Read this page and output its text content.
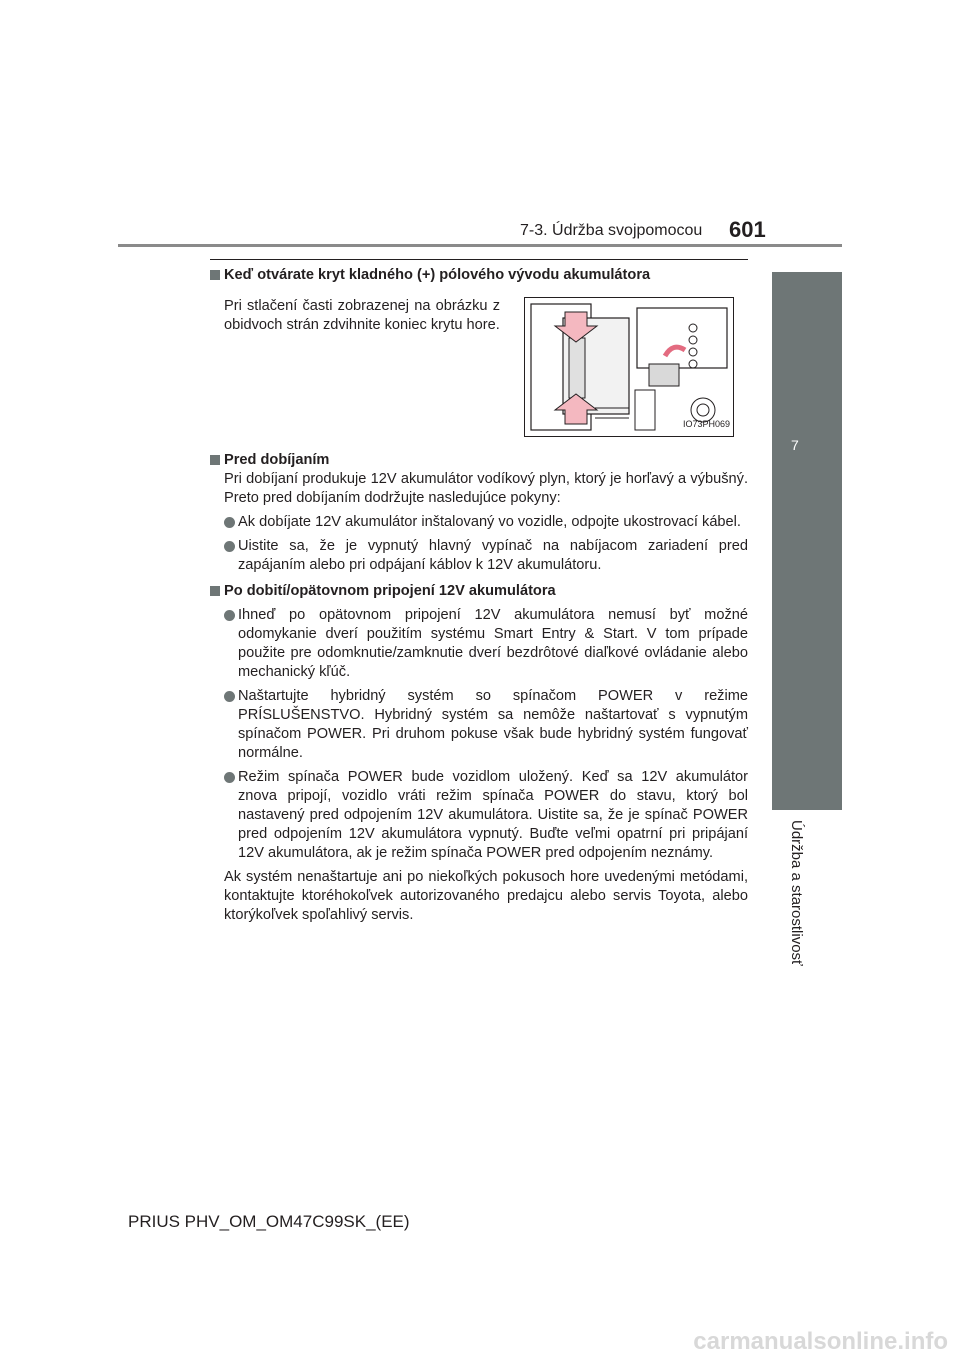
7-3. Údržba svojpomocou 601
7
Údržba a starostlivosť
Keď otvárate kryt kladného (+) pólového vývodu akumulátora
Pri stlačení časti zobrazenej na obrázku z obidvoch strán zdvihnite koniec krytu hore.
IO73PH069
Pred dobíjaním
Pri dobíjaní produkuje 12V akumulátor vodíkový plyn, ktorý je horľavý a výbušný. Preto pred dobíjaním dodržujte nasledujúce pokyny:
Ak dobíjate 12V akumulátor inštalovaný vo vozidle, odpojte ukostrovací kábel.
Uistite sa, že je vypnutý hlavný vypínač na nabíjacom zariadení pred zapájaním alebo pri odpájaní káblov k 12V akumulátoru.
Po dobití/opätovnom pripojení 12V akumulátora
Ihneď po opätovnom pripojení 12V akumulátora nemusí byť možné odomykanie dverí použitím systému Smart Entry & Start. V tom prípade použite pre odomknutie/zamknutie dverí bezdrôtové diaľkové ovládanie alebo mechanický kľúč.
Naštartujte hybridný systém so spínačom POWER v režime PRÍSLUŠENSTVO. Hybridný systém sa nemôže naštartovať s vypnutým spínačom POWER. Pri druhom pokuse však bude hybridný systém fungovať normálne.
Režim spínača POWER bude vozidlom uložený. Keď sa 12V akumulátor znova pripojí, vozidlo vráti režim spínača POWER do stavu, ktorý bol nastavený pred odpojením 12V akumulátora. Uistite sa, že je spínač POWER pred odpojením 12V akumulátora vypnutý. Buďte veľmi opatrní pri pripájaní 12V akumulátora, ak je režim spínača POWER pred odpojením neznámy.
Ak systém nenaštartuje ani po niekoľkých pokusoch hore uvedenými metódami, kontaktujte ktoréhokoľvek autorizovaného predajcu alebo servis Toyota, alebo ktorýkoľvek spoľahlivý servis.
PRIUS PHV_OM_OM47C99SK_(EE)
carmanualsonline.info
